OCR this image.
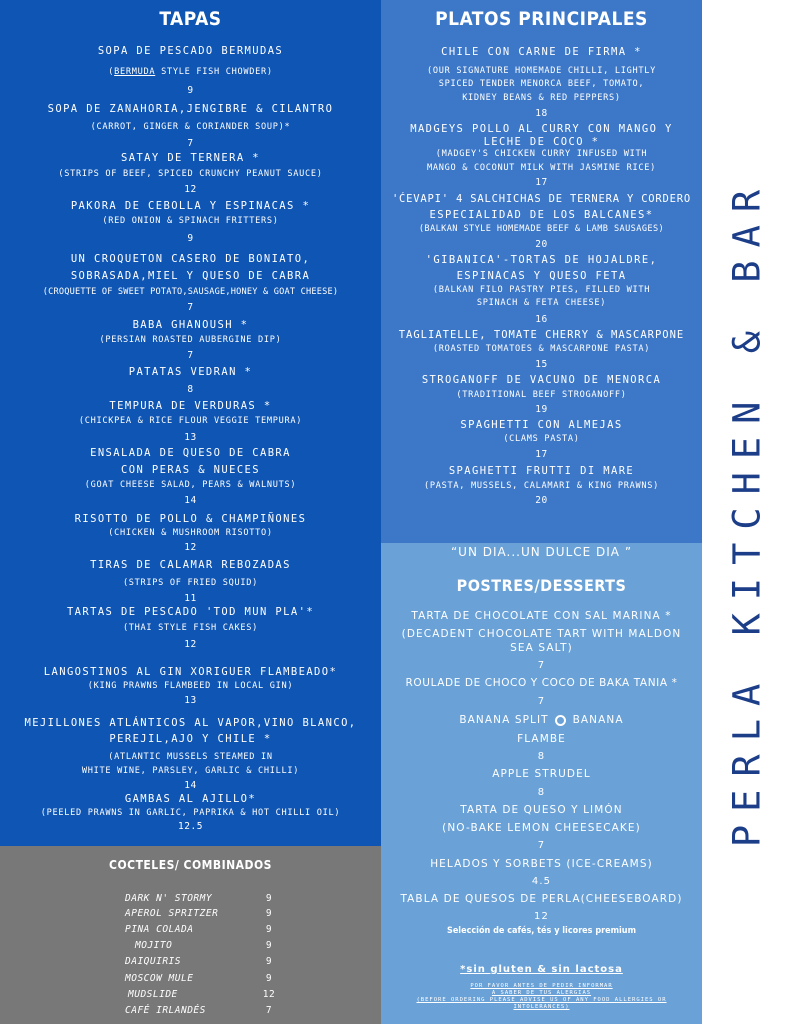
TAPAS
SOPA DE PESCADO BERMUDAS
(BERMUDA STYLE FISH CHOWDER)
9
SOPA DE ZANAHORIA,JENGIBRE & CILANTRO
(CARROT, GINGER & CORIANDER SOUP)*
7
SATAY DE TERNERA *
(STRIPS OF BEEF, SPICED CRUNCHY PEANUT SAUCE)
12
PAKORA DE CEBOLLA Y ESPINACAS *
(RED ONION & SPINACH FRITTERS)
9
UN CROQUETON CASERO DE BONIATO,
SOBRASADA,MIEL Y QUESO DE CABRA
(CROQUETTE OF SWEET POTATO,SAUSAGE,HONEY & GOAT CHEESE)
7
BABA GHANOUSH *
(PERSIAN ROASTED AUBERGINE DIP)
7
PATATAS VEDRAN *
8
TEMPURA DE VERDURAS *
(CHICKPEA & RICE FLOUR VEGGIE TEMPURA)
13
ENSALADA DE QUESO DE CABRA
CON PERAS & NUECES
(GOAT CHEESE SALAD, PEARS & WALNUTS)
14
RISOTTO DE POLLO & CHAMPIÑONES
(CHICKEN & MUSHROOM RISOTTO)
12
TIRAS DE CALAMAR REBOZADAS
(STRIPS OF FRIED SQUID)
11
TARTAS DE PESCADO 'TOD MUN PLA'*
(THAI STYLE FISH CAKES)
12
LANGOSTINOS AL GIN XORIGUER FLAMBEADO*
(KING PRAWNS FLAMBEED IN LOCAL GIN)
13
MEJILLONES ATLÁNTICOS AL VAPOR,VINO BLANCO,
PEREJIL,AJO Y CHILE *
(ATLANTIC MUSSELS STEAMED IN
WHITE WINE, PARSLEY, GARLIC & CHILLI)
14
GAMBAS AL AJILLO*
(PEELED PRAWNS IN GARLIC, PAPRIKA & HOT CHILLI OIL)
12.5
PLATOS PRINCIPALES
CHILE CON CARNE DE FIRMA *
(OUR SIGNATURE HOMEMADE CHILLI, LIGHTLY
SPICED TENDER MENORCA BEEF, TOMATO,
KIDNEY BEANS & RED PEPPERS)
18
MADGEYS POLLO AL CURRY CON MANGO Y
LECHE DE COCO *
(MADGEY'S CHICKEN CURRY INFUSED WITH
MANGO & COCONUT MILK WITH JASMINE RICE)
17
'ĆEVAPI' 4 SALCHICHAS DE TERNERA Y CORDERO
ESPECIALIDAD DE LOS BALCANES*
(BALKAN STYLE HOMEMADE BEEF & LAMB SAUSAGES)
20
'GIBANICA'-TORTAS DE HOJALDRE,
ESPINACAS Y QUESO FETA
(BALKAN FILO PASTRY PIES, FILLED WITH
SPINACH & FETA CHEESE)
16
TAGLIATELLE, TOMATE CHERRY & MASCARPONE
(ROASTED TOMATOES & MASCARPONE PASTA)
15
STROGANOFF DE VACUNO DE MENORCA
(TRADITIONAL BEEF STROGANOFF)
19
SPAGHETTI CON ALMEJAS
(CLAMS PASTA)
17
SPAGHETTI FRUTTI DI MARE
(PASTA, MUSSELS, CALAMARI & KING PRAWNS)
20
“UN DIA...UN DULCE DIA ”
POSTRES/DESSERTS
TARTA DE CHOCOLATE CON SAL MARINA *
(DECADENT CHOCOLATE TART WITH MALDON
SEA SALT)
7
ROULADE DE CHOCO Y COCO DE BAKA TANIA *
7
BANANA SPLIT BANANA
FLAMBE
8
APPLE STRUDEL
8
TARTA DE QUESO Y LIMÓN
(NO-BAKE LEMON CHEESECAKE)
7
HELADOS Y SORBETS (ICE-CREAMS)
4.5
TABLA DE QUESOS DE PERLA(CHEESEBOARD)
12
Selección de cafés, tés y licores premium
*sin gluten & sin lactosa
POR FAVOR ANTES DE PEDIR INFORMAR
A SABER DE TUS ALERGIAS
(BEFORE ORDERING PLEASE ADVISE US OF ANY FOOD ALLERGIES OR
INTOLERANCES)
COCTELES/ COMBINADOS
DARK N' STORMY	9
APEROL SPRITZER	9
PINA COLADA	9
MOJITO	9
DAIQUIRIS	9
MOSCOW MULE	9
MUDSLIDE	12
CAFÉ IRLANDÉS	7
PERLA KITCHEN & BAR
